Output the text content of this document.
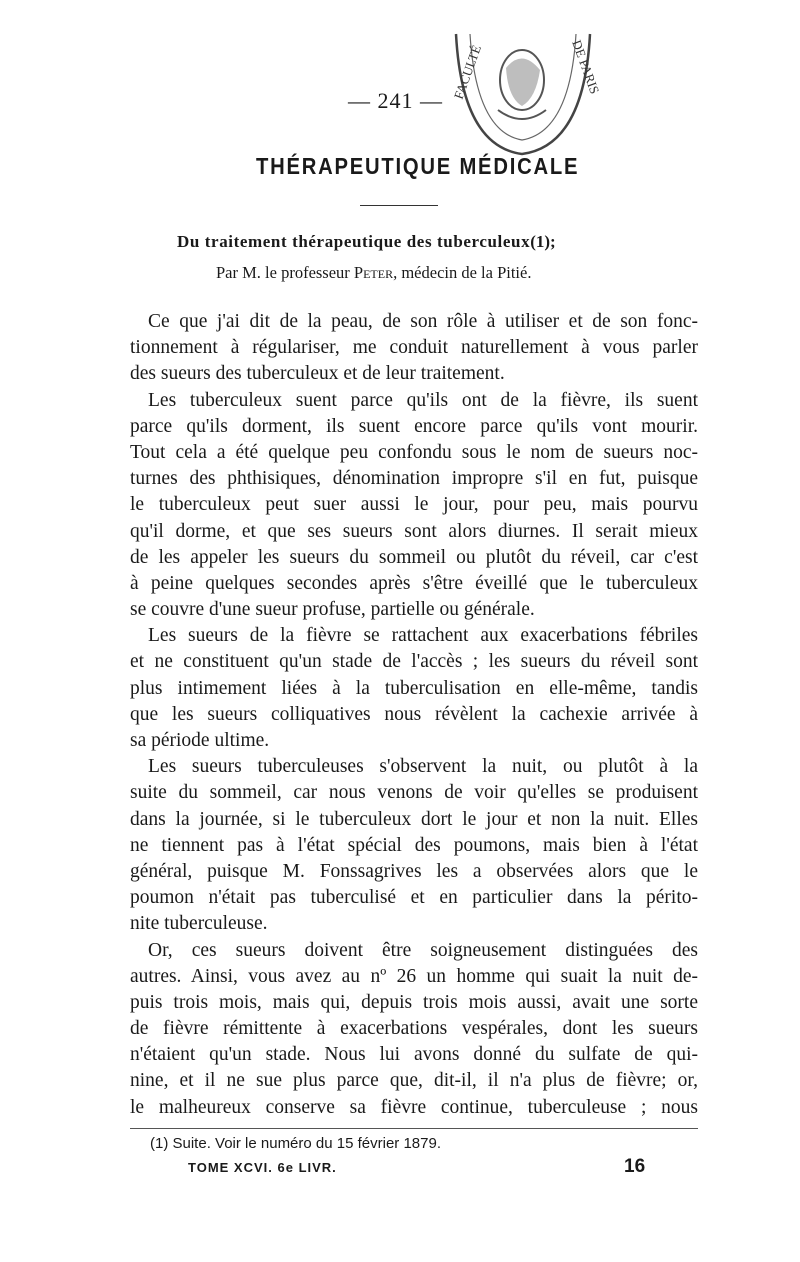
— 241 — FACULTÉ	DE PARIS
THÉRAPEUTIQUE MÉDICALE
Du traitement thérapeutique des tuberculeux(1);
Par M. le professeur Peter, médecin de la Pitié.
Ce que j'ai dit de la peau, de son rôle à utiliser et de son fonc-
tionnement à régulariser, me conduit naturellement à vous parler
des sueurs des tuberculeux et de leur traitement.
Les tuberculeux suent parce qu'ils ont de la fièvre, ils suent
parce qu'ils dorment, ils suent encore parce qu'ils vont mourir.
Tout cela a été quelque peu confondu sous le nom de sueurs noc-
turnes des phthisiques, dénomination impropre s'il en fut, puisque
le tuberculeux peut suer aussi le jour, pour peu, mais pourvu
qu'il dorme, et que ses sueurs sont alors diurnes. Il serait mieux
de les appeler les sueurs du sommeil ou plutôt du réveil, car c'est
à peine quelques secondes après s'être éveillé que le tuberculeux
se couvre d'une sueur profuse, partielle ou générale.
Les sueurs de la fièvre se rattachent aux exacerbations fébriles
et ne constituent qu'un stade de l'accès ; les sueurs du réveil sont
plus intimement liées à la tuberculisation en elle-même, tandis
que les sueurs colliquatives nous révèlent la cachexie arrivée à
sa période ultime.
Les sueurs tuberculeuses s'observent la nuit, ou plutôt à la
suite du sommeil, car nous venons de voir qu'elles se produisent
dans la journée, si le tuberculeux dort le jour et non la nuit. Elles
ne tiennent pas à l'état spécial des poumons, mais bien à l'état
général, puisque M. Fonssagrives les a observées alors que le
poumon n'était pas tuberculisé et en particulier dans la périto-
nite tuberculeuse.
Or, ces sueurs doivent être soigneusement distinguées des
autres. Ainsi, vous avez au nº 26 un homme qui suait la nuit de-
puis trois mois, mais qui, depuis trois mois aussi, avait une sorte
de fièvre rémittente à exacerbations vespérales, dont les sueurs
n'étaient qu'un stade. Nous lui avons donné du sulfate de qui-
nine, et il ne sue plus parce que, dit-il, il n'a plus de fièvre; or,
le malheureux conserve sa fièvre continue, tuberculeuse ; nous
(1) Suite. Voir le numéro du 15 février 1879.
TOME XCVI. 6e LIVR.	16
